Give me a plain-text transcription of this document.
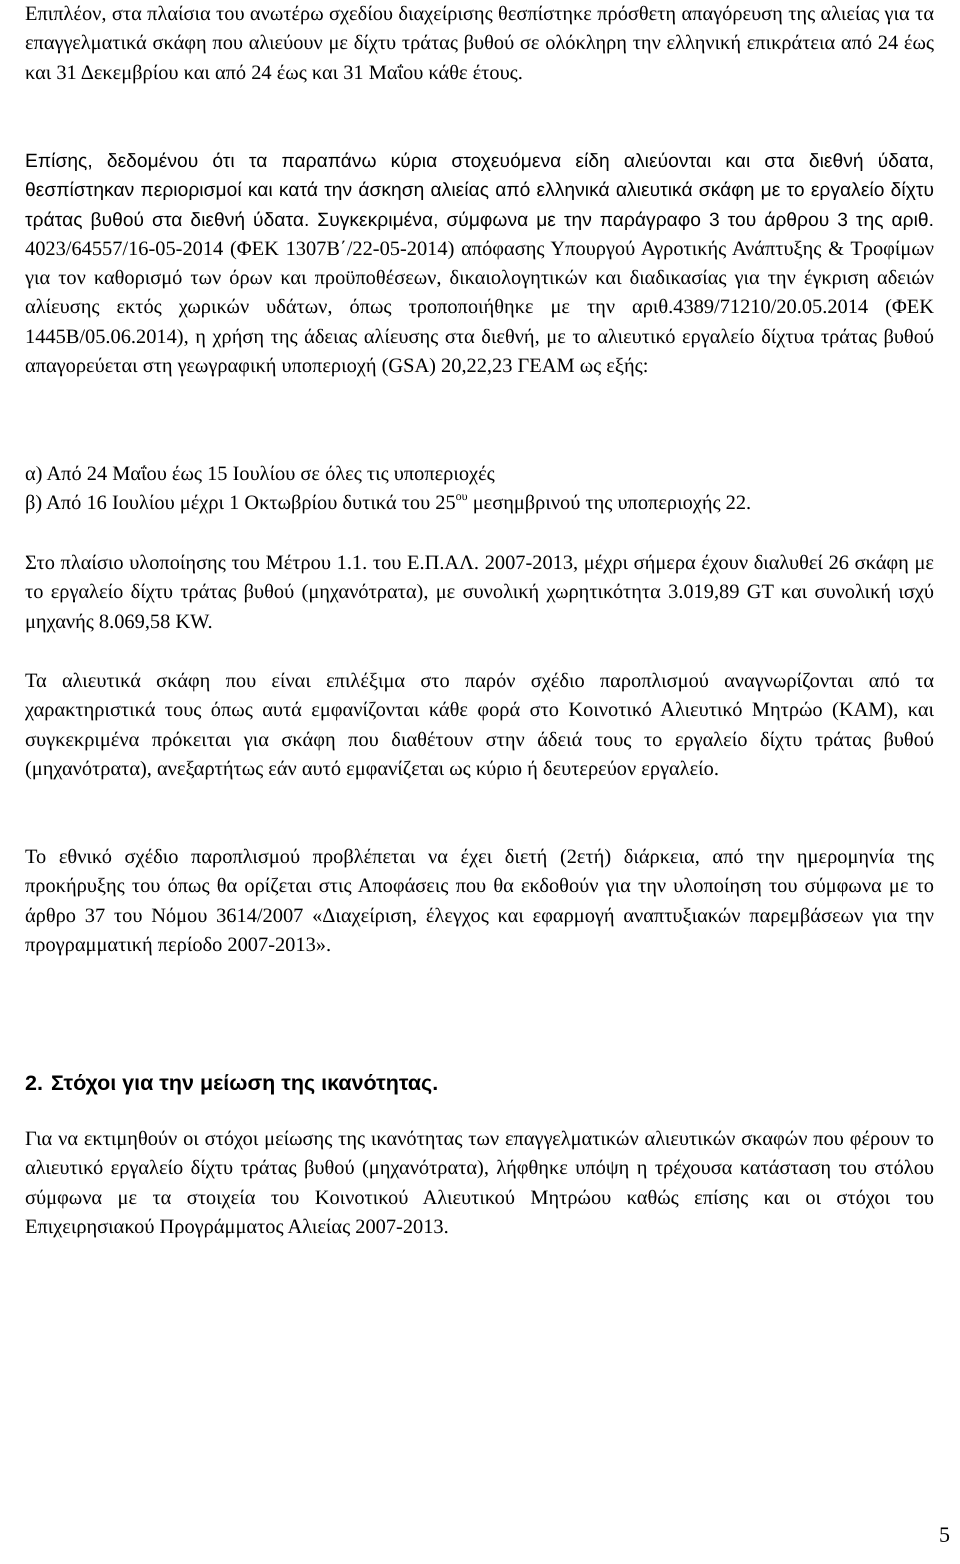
Επιπλέον, στα πλαίσια του ανωτέρω σχεδίου διαχείρισης θεσπίστηκε πρόσθετη απαγόρευση της αλιείας για τα επαγγελματικά σκάφη που αλιεύουν με δίχτυ τράτας βυθού σε ολόκληρη την ελληνική επικράτεια από 24 έως και 31 Δεκεμβρίου και από 24 έως και 31 Μαΐου κάθε έτους.

Επίσης, δεδομένου ότι τα παραπάνω κύρια στοχευόμενα είδη αλιεύονται και στα διεθνή ύδατα, θεσπίστηκαν περιορισμοί και κατά την άσκηση αλιείας από ελληνικά αλιευτικά σκάφη με το εργαλείο δίχτυ τράτας βυθού στα διεθνή ύδατα. Συγκεκριμένα, σύμφωνα με την παράγραφο 3 του άρθρου 3 της αριθ. 4023/64557/16-05-2014 (ΦΕΚ 1307Β΄/22-05-2014) απόφασης Υπουργού Αγροτικής Ανάπτυξης & Τροφίμων για τον καθορισμό των όρων και προϋποθέσεων, δικαιολογητικών και διαδικασίας για την έγκριση αδειών αλίευσης εκτός χωρικών υδάτων, όπως τροποποιήθηκε με την αριθ.4389/71210/20.05.2014 (ΦΕΚ 1445Β/05.06.2014), η χρήση της άδειας αλίευσης στα διεθνή, με το αλιευτικό εργαλείο δίχτυα τράτας βυθού απαγορεύεται στη γεωγραφική υποπεριοχή (GSA) 20,22,23 ΓΕΑΜ ως εξής:

α) Από 24 Μαΐου έως 15 Ιουλίου σε όλες τις υποπεριοχές

β) Από 16 Ιουλίου μέχρι 1 Οκτωβρίου δυτικά του $25^{o\upsilon}$ μεσημβρινού της υποπεριοχής 22.

Στο πλαίσιο υλοποίησης του Μέτρου 1.1. του Ε.Π.ΑΛ. 2007-2013, μέχρι σήμερα έχουν διαλυθεί 26 σκάφη με το εργαλείο δίχτυ τράτας βυθού (μηχανότρατα), με συνολική χωρητικότητα 3.019,89 GT και συνολική ισχύ μηχανής 8.069,58 KW.

Τα αλιευτικά σκάφη που είναι επιλέξιμα στο παρόν σχέδιο παροπλισμού αναγνωρίζονται από τα χαρακτηριστικά τους όπως αυτά εμφανίζονται κάθε φορά στο Κοινοτικό Αλιευτικό Μητρώο (ΚΑΜ), και συγκεκριμένα πρόκειται για σκάφη που διαθέτουν στην άδειά τους το εργαλείο δίχτυ τράτας βυθού (μηχανότρατα), ανεξαρτήτως εάν αυτό εμφανίζεται ως κύριο ή δευτερεύον εργαλείο.

Το εθνικό σχέδιο παροπλισμού προβλέπεται να έχει διετή (2ετή) διάρκεια, από την ημερομηνία της προκήρυξης του όπως θα ορίζεται στις Αποφάσεις που θα εκδοθούν για την υλοποίηση του σύμφωνα με το άρθρο 37 του Νόμου 3614/2007 «Διαχείριση, έλεγχος και εφαρμογή αναπτυξιακών παρεμβάσεων για την προγραμματική περίοδο 2007-2013».

Για να εκτιμηθούν οι στόχοι μείωσης της ικανότητας των επαγγελματικών αλιευτικών σκαφών που φέρουν το αλιευτικό εργαλείο δίχτυ τράτας βυθού (μηχανότρατα), λήφθηκε υπόψη η τρέχουσα κατάσταση του στόλου σύμφωνα με τα στοιχεία του Κοινοτικού Αλιευτικού Μητρώου καθώς επίσης και οι στόχοι του Επιχειρησιακού Προγράμματος Αλιείας 2007-2013.

2. Στόχοι για την μείωση της ικανότητας.
5
